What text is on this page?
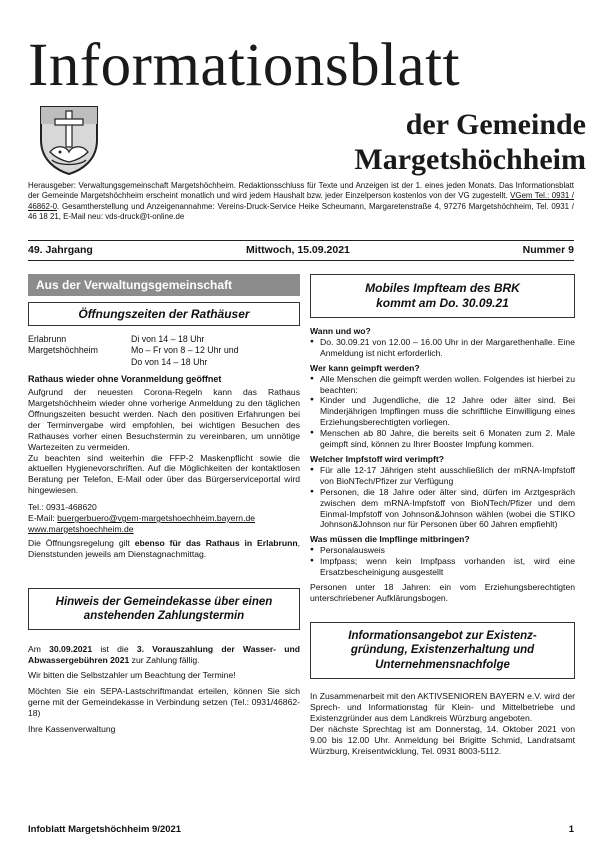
Informationsblatt
der Gemeinde
Margetshöchheim
Herausgeber: Verwaltungsgemeinschaft Margetshöchheim. Redaktionsschluss für Texte und Anzeigen ist der 1. eines jeden Monats. Das Informationsblatt der Gemeinde Margetshöchheim erscheint monatlich und wird jedem Haushalt bzw. jeder Einzelperson kostenlos von der VG zugestellt. VGem Tel.: 0931 / 46862-0. Gesamtherstellung und Anzeigenannahme: Vereins-Druck-Service Heike Scheumann, Margaretenstraße 4, 97276 Margetshöchheim, Tel. 0931 / 46 18 21, E-Mail neu: vds-druck@t-online.de
49. Jahrgang	Mittwoch, 15.09.2021	Nummer 9
Aus der Verwaltungsgemeinschaft
Öffnungszeiten der Rathäuser
Erlabrunn	Di von 14 – 18 Uhr
Margetshöchheim	Mo – Fr von 8 – 12 Uhr und
Do von 14 – 18 Uhr
Rathaus wieder ohne Voranmeldung geöffnet
Aufgrund der neuesten Corona-Regeln kann das Rathaus Margetshöchheim wieder ohne vorherige Anmeldung zu den täglichen Öffnungszeiten besucht werden. Nach den positiven Erfahrungen bei der Terminvergabe wird empfohlen, bei wichtigen Besuchen des Rathauses vorher einen Besuchstermin zu vereinbaren, um unnötige Wartezeiten zu vermeiden.
Zu beachten sind weiterhin die FFP-2 Maskenpflicht sowie die aktuellen Hygienevorschriften. Auf die Möglichkeiten der kontaktlosen Beratung per Telefon, E-Mail oder über das Bürgerserviceportal wird hingewiesen.
Tel.: 0931-468620
E-Mail: buergerbuero@vgem-margetshoechheim.bayern.de
www.margetshoechheim.de
Die Öffnungsregelung gilt ebenso für das Rathaus in Erlabrunn, Dienststunden jeweils am Dienstagnachmittag.
Hinweis der Gemeindekasse über einen anstehenden Zahlungstermin
Am 30.09.2021 ist die 3. Vorauszahlung der Wasser- und Abwassergebühren 2021 zur Zahlung fällig.
Wir bitten die Selbstzahler um Beachtung der Termine!
Möchten Sie ein SEPA-Lastschriftmandat erteilen, können Sie sich gerne mit der Gemeindekasse in Verbindung setzen (Tel.: 0931/46862-18)
Ihre Kassenverwaltung
Mobiles Impfteam des BRK
kommt am Do. 30.09.21
Wann und wo?
● Do. 30.09.21 von 12.00 – 16.00 Uhr in der Margarethenhalle. Eine Anmeldung ist nicht erforderlich.
Wer kann geimpft werden?
● Alle Menschen die geimpft werden wollen. Folgendes ist hierbei zu beachten:
● Kinder und Jugendliche, die 12 Jahre oder älter sind. Bei Minderjährigen Impflingen muss die schriftliche Einwilligung eines Erziehungsberechtigten vorliegen.
● Menschen ab 80 Jahre, die bereits seit 6 Monaten zum 2. Male geimpft sind, können zu Ihrer Booster Impfung kommen.
Welcher Impfstoff wird verimpft?
● Für alle 12-17 Jährigen steht ausschließlich der mRNA-Impfstoff von BioNTech/Pfizer zur Verfügung
● Personen, die 18 Jahre oder älter sind, dürfen im Arztgespräch zwischen dem mRNA-Impfstoff von BioNTech/Pfizer und dem Einmal-Impfstoff von Johnson&Johnson wählen (wobei die STIKO Johnson&Johnson nur für Personen über 60 Jahren empfiehlt)
Was müssen die Impflinge mitbringen?
● Personalausweis
● Impfpass; wenn kein Impfpass vorhanden ist, wird eine Ersatzbescheinigung ausgestellt
Personen unter 18 Jahren: ein vom Erziehungsberechtigten unterschriebener Aufklärungsbogen.
Informationsangebot zur Existenz-
gründung, Existenzerhaltung und
Unternehmensnachfolge
In Zusammenarbeit mit den AKTIVSENIOREN BAYERN e.V. wird der Sprech- und Informationstag für Klein- und Mittelbetriebe und Existenzgründer aus dem Landkreis Würzburg angeboten.
Der nächste Sprechtag ist am Donnerstag, 14. Oktober 2021 von 9.00 bis 12.00 Uhr. Anmeldung bei Brigitte Schmid, Landratsamt Würzburg, Kreisentwicklung, Tel. 0931 8003-5112.
Infoblatt Margetshöchheim 9/2021	1
